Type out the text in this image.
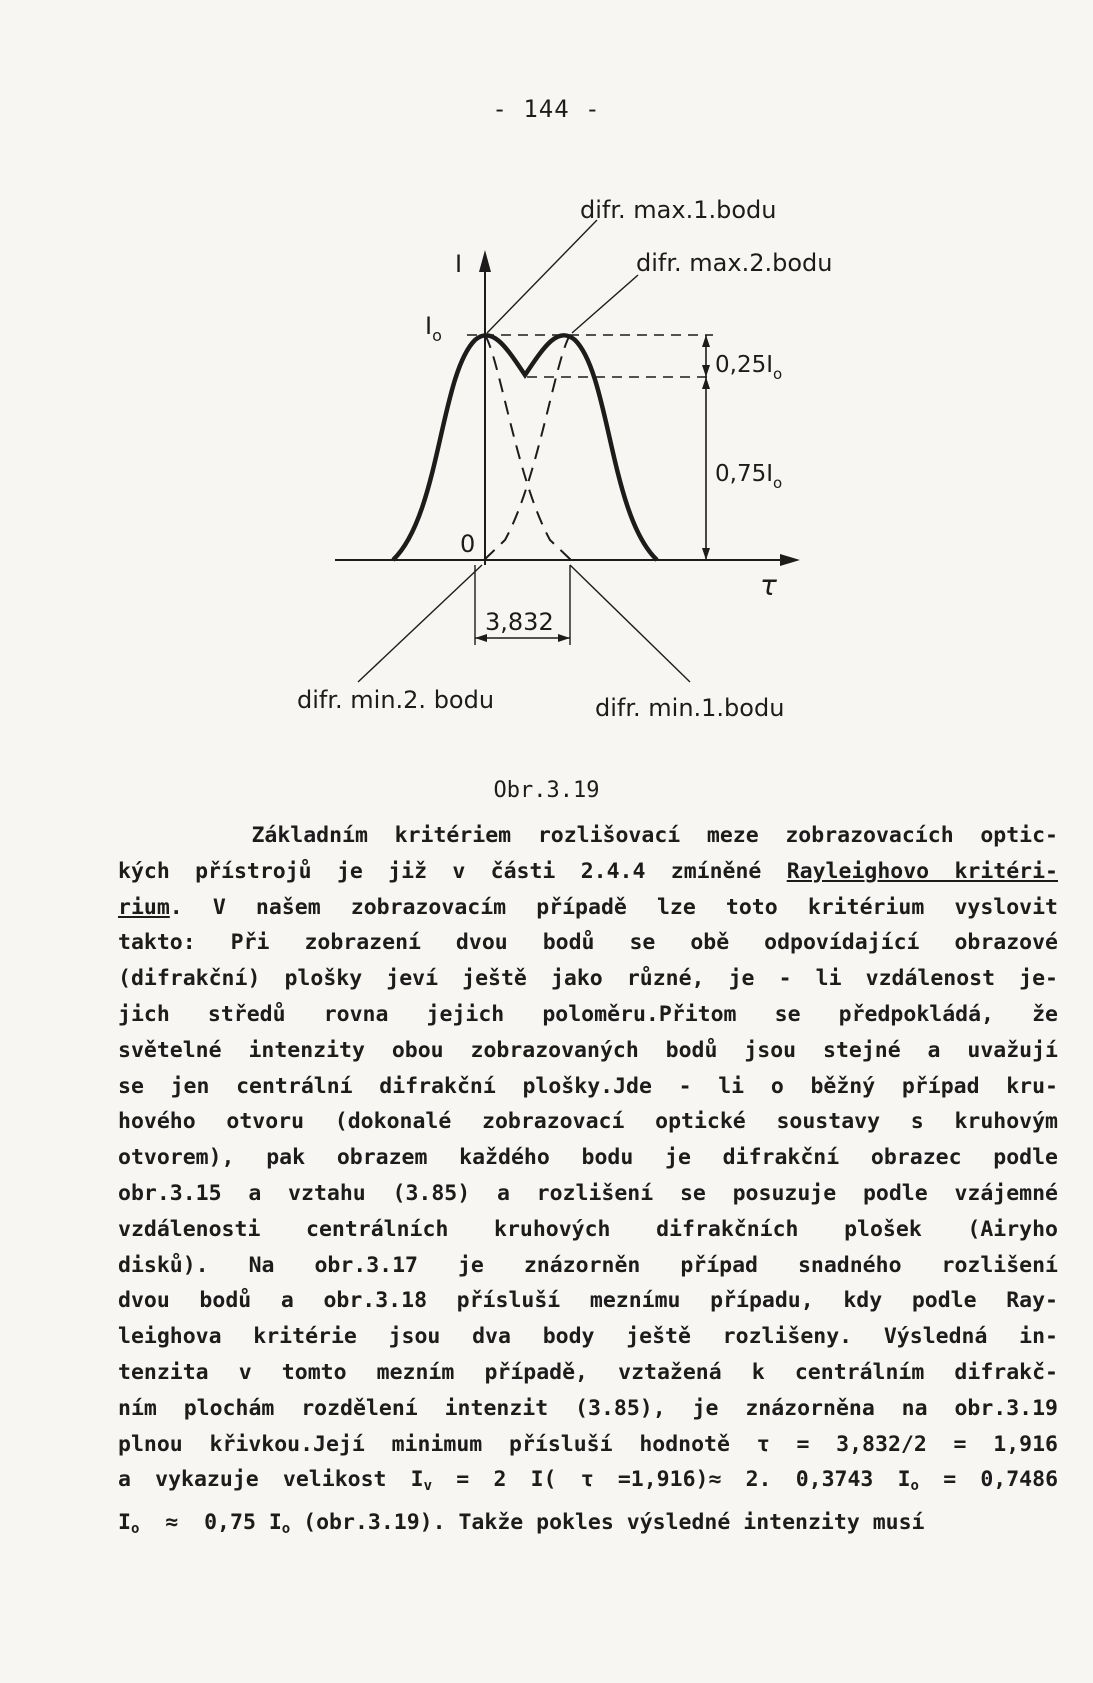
- 144 -
difr. max.1.bodu
difr. max.2.bodu
I
$I_o$
0
$0,25I_o$
$0,75I_o$
τ
3,832
difr. min.2. bodu	difr. min.1.bodu
Obr.3.19
Základním kritériem rozlišovací meze zobrazovacích optic-
kých přístrojů je již v části 2.4.4 zmíněné Rayleighovo kritéri-
rium. V našem zobrazovacím případě lze toto kritérium vyslovit
takto: Při zobrazení dvou bodů se obě odpovídající obrazové
(difrakční) plošky jeví ještě jako různé, je - li vzdálenost je-
jich středů rovna jejich poloměru.Přitom se předpokládá, že
světelné intenzity obou zobrazovaných bodů jsou stejné a uvažují
se jen centrální difrakční plošky.Jde - li o běžný případ kru-
hového otvoru (dokonalé zobrazovací optické soustavy s kruhovým
otvorem), pak obrazem každého bodu je difrakční obrazec podle
obr.3.15 a vztahu (3.85) a rozlišení se posuzuje podle vzájemné
vzdálenosti centrálních kruhových difrakčních plošek (Airyho
disků). Na obr.3.17 je znázorněn případ snadného rozlišení
dvou bodů a obr.3.18 přísluší meznímu případu, kdy podle Ray-
leighova kritérie jsou dva body ještě rozlišeny. Výsledná in-
tenzita v tomto mezním případě, vztažená k centrálním difrakč-
ním plochám rozdělení intenzit (3.85), je znázorněna na obr.3.19
plnou křivkou.Její minimum přísluší hodnotě τ = 3,832/2 = 1,916
a vykazuje velikost $I_v = 2$ I( τ =1,916)≈ 2. 0,3743 $I_o = 0,7486$
$I_o \approx 0,75$ $I_o$ (obr.3.19). Takže pokles výsledné intenzity musí
